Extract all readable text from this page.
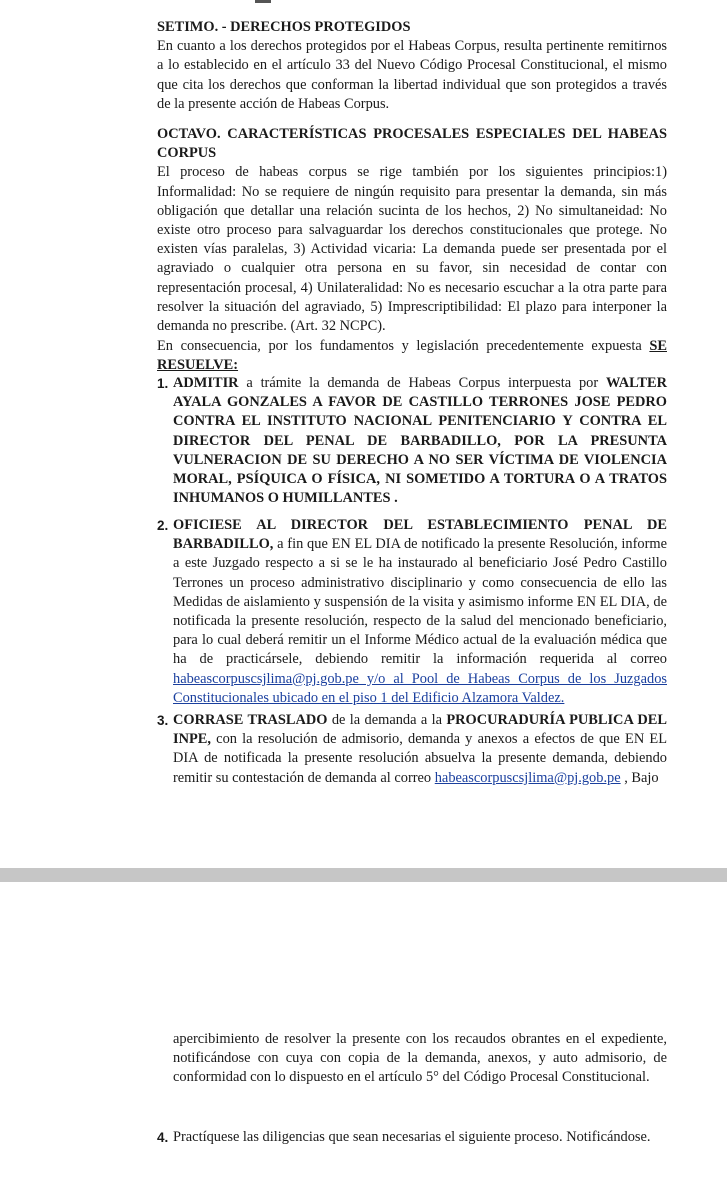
SETIMO. - DERECHOS PROTEGIDOS
En cuanto a los derechos protegidos por el Habeas Corpus, resulta pertinente remitirnos a lo establecido en el artículo 33 del Nuevo Código Procesal Constitucional, el mismo que cita los derechos que conforman la libertad individual que son protegidos a través de la presente acción de Habeas Corpus.
OCTAVO. CARACTERÍSTICAS PROCESALES ESPECIALES DEL HABEAS CORPUS
El proceso de habeas corpus se rige también por los siguientes principios:1) Informalidad: No se requiere de ningún requisito para presentar la demanda, sin más obligación que detallar una relación sucinta de los hechos, 2) No simultaneidad: No existe otro proceso para salvaguardar los derechos constitucionales que protege. No existen vías paralelas, 3) Actividad vicaria: La demanda puede ser presentada por el agraviado o cualquier otra persona en su favor, sin necesidad de contar con representación procesal, 4) Unilateralidad: No es necesario escuchar a la otra parte para resolver la situación del agraviado, 5) Imprescriptibilidad: El plazo para interponer la demanda no prescribe. (Art. 32 NCPC).
En consecuencia, por los fundamentos y legislación precedentemente expuesta SE RESUELVE:
1. ADMITIR a trámite la demanda de Habeas Corpus interpuesta por WALTER AYALA GONZALES A FAVOR DE CASTILLO TERRONES JOSE PEDRO CONTRA EL INSTITUTO NACIONAL PENITENCIARIO Y CONTRA EL DIRECTOR DEL PENAL DE BARBADILLO, POR LA PRESUNTA VULNERACION DE SU DERECHO A NO SER VÍCTIMA DE VIOLENCIA MORAL, PSÍQUICA O FÍSICA, NI SOMETIDO A TORTURA O A TRATOS INHUMANOS O HUMILLANTES .
2. OFICIESE AL DIRECTOR DEL ESTABLECIMIENTO PENAL DE BARBADILLO, a fin que EN EL DIA de notificado la presente Resolución, informe a este Juzgado respecto a si se le ha instaurado al beneficiario José Pedro Castillo Terrones un proceso administrativo disciplinario y como consecuencia de ello las Medidas de aislamiento y suspensión de la visita y asimismo informe EN EL DIA, de notificada la presente resolución, respecto de la salud del mencionado beneficiario, para lo cual deberá remitir un el Informe Médico actual de la evaluación médica que ha de practicársele, debiendo remitir la información requerida al correo habeascorpuscsjlima@pj.gob.pe y/o al Pool de Habeas Corpus de los Juzgados Constitucionales ubicado en el piso 1 del Edificio Alzamora Valdez.
3. CORRASE TRASLADO de la demanda a la PROCURADURÍA PUBLICA DEL INPE, con la resolución de admisorio, demanda y anexos a efectos de que EN EL DIA de notificada la presente resolución absuelva la presente demanda, debiendo remitir su contestación de demanda al correo habeascorpuscsjlima@pj.gob.pe , Bajo
apercibimiento de resolver la presente con los recaudos obrantes en el expediente, notificándose con cuya con copia de la demanda, anexos, y auto admisorio, de conformidad con lo dispuesto en el artículo 5° del Código Procesal Constitucional.
4. Practíquese las diligencias que sean necesarias el siguiente proceso. Notificándose.
